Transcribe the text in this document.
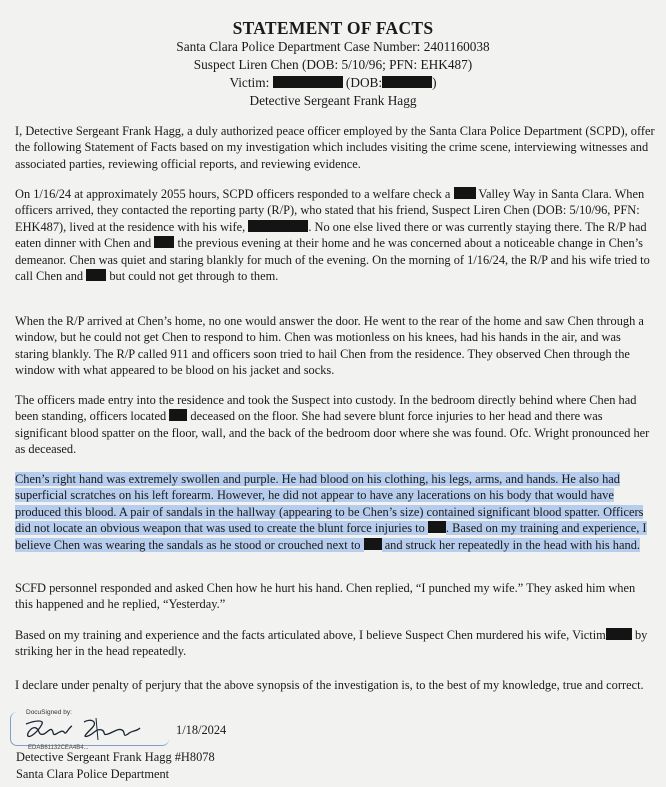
STATEMENT OF FACTS
Santa Clara Police Department Case Number: 2401160038
Suspect Liren Chen (DOB: 5/10/96; PFN: EHK487)
Victim:	(DOB:	)
Detective Sergeant Frank Hagg
I, Detective Sergeant Frank Hagg, a duly authorized peace officer employed by the Santa Clara Police Department (SCPD), offer the following Statement of Facts based on my investigation which includes visiting the crime scene, interviewing witnesses and associated parties, reviewing official reports, and reviewing evidence.
On 1/16/24 at approximately 2055 hours, SCPD officers responded to a welfare check a Valley Way in Santa Clara. When officers arrived, they contacted the reporting party (R/P), who stated that his friend, Suspect Liren Chen (DOB: 5/10/96, PFN: EHK487), lived at the residence with his wife,	. No one else lived there or was currently staying there. The R/P had eaten dinner with Chen and the previous evening at their home and he was concerned about a noticeable change in Chen’s demeanor. Chen was quiet and staring blankly for much of the evening. On the morning of 1/16/24, the R/P and his wife tried to call Chen and but could not get through to them.
When the R/P arrived at Chen’s home, no one would answer the door. He went to the rear of the home and saw Chen through a window, but he could not get Chen to respond to him. Chen was motionless on his knees, had his hands in the air, and was staring blankly. The R/P called 911 and officers soon tried to hail Chen from the residence. They observed Chen through the window with what appeared to be blood on his jacket and socks.
The officers made entry into the residence and took the Suspect into custody. In the bedroom directly behind where Chen had been standing, officers located deceased on the floor. She had severe blunt force injuries to her head and there was significant blood spatter on the floor, wall, and the back of the bedroom door where she was found. Ofc. Wright pronounced her as deceased.
Chen’s right hand was extremely swollen and purple. He had blood on his clothing, his legs, arms, and hands. He also had superficial scratches on his left forearm. However, he did not appear to have any lacerations on his body that would have produced this blood. A pair of sandals in the hallway (appearing to be Chen’s size) contained significant blood spatter. Officers did not locate an obvious weapon that was used to create the blunt force injuries to . Based on my training and experience, I believe Chen was wearing the sandals as he stood or crouched next to and struck her repeatedly in the head with his hand.
SCFD personnel responded and asked Chen how he hurt his hand. Chen replied, “I punched my wife.” They asked him when this happened and he replied, “Yesterday.”
Based on my training and experience and the facts articulated above, I believe Suspect Chen murdered his wife, Victim by striking her in the head repeatedly.
I declare under penalty of perjury that the above synopsis of the investigation is, to the best of my knowledge, true and correct.
DocuSigned by:
EDAB61132CEA4B4...
1/18/2024
Detective Sergeant Frank Hagg #H8078
Santa Clara Police Department
